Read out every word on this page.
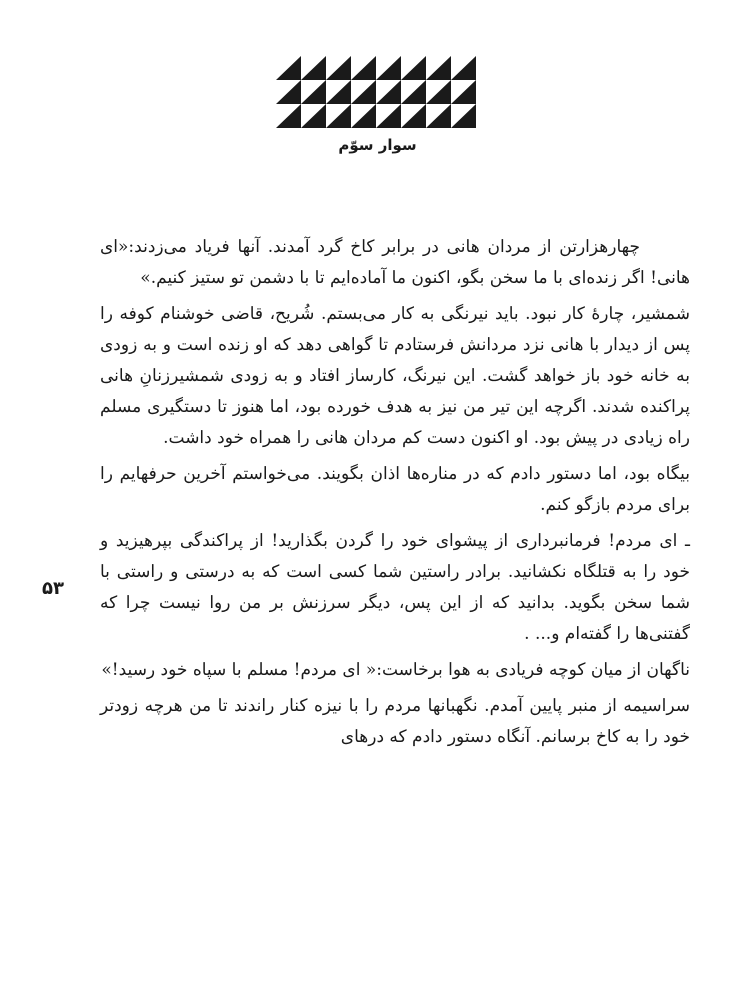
سوار سوّم
۵۳

چهارهزارتن از مردان هانی در برابر کاخ گرد آمدند. آنها فریاد می‌زدند:«ای هانی! اگر زنده‌ای با ما سخن بگو، اکنون ما آماده‌ایم تا با دشمن تو ستیز کنیم.»

شمشیر، چارهٔ کار نبود. باید نیرنگی به کار می‌بستم. شُریح، قاضی خوشنام کوفه را پس از دیدار با هانی نزد مردانش فرستادم تا گواهی دهد که او زنده است و به زودی به خانه خود باز خواهد گشت. این نیرنگ، کارساز افتاد و به زودی شمشیرزنانِ هانی پراکنده شدند. اگرچه این تیر من نیز به هدف خورده بود، اما هنوز تا دستگیری مسلم راه زیادی در پیش بود. او اکنون دست کم مردان هانی را همراه خود داشت.

بیگاه بود، اما دستور دادم که در مناره‌ها اذان بگویند. می‌خواستم آخرین حرفهایم را برای مردم بازگو کنم.

ـ ای مردم! فرمانبرداری از پیشوای خود را گردن بگذارید! از پراکندگی بپرهیزید و خود را به قتلگاه نکشانید. برادر راستین شما کسی است که به درستی و راستی با شما سخن بگوید. بدانید که از این پس، دیگر سرزنش بر من روا نیست چرا که گفتنی‌ها را گفته‌ام و... .

ناگهان از میان کوچه فریادی به هوا برخاست:« ای مردم! مسلم با سپاه خود رسید!»

سراسیمه از منبر پایین آمدم. نگهبانها مردم را با نیزه کنار راندند تا من هرچه زودتر خود را به کاخ برسانم. آنگاه دستور دادم که درهای
